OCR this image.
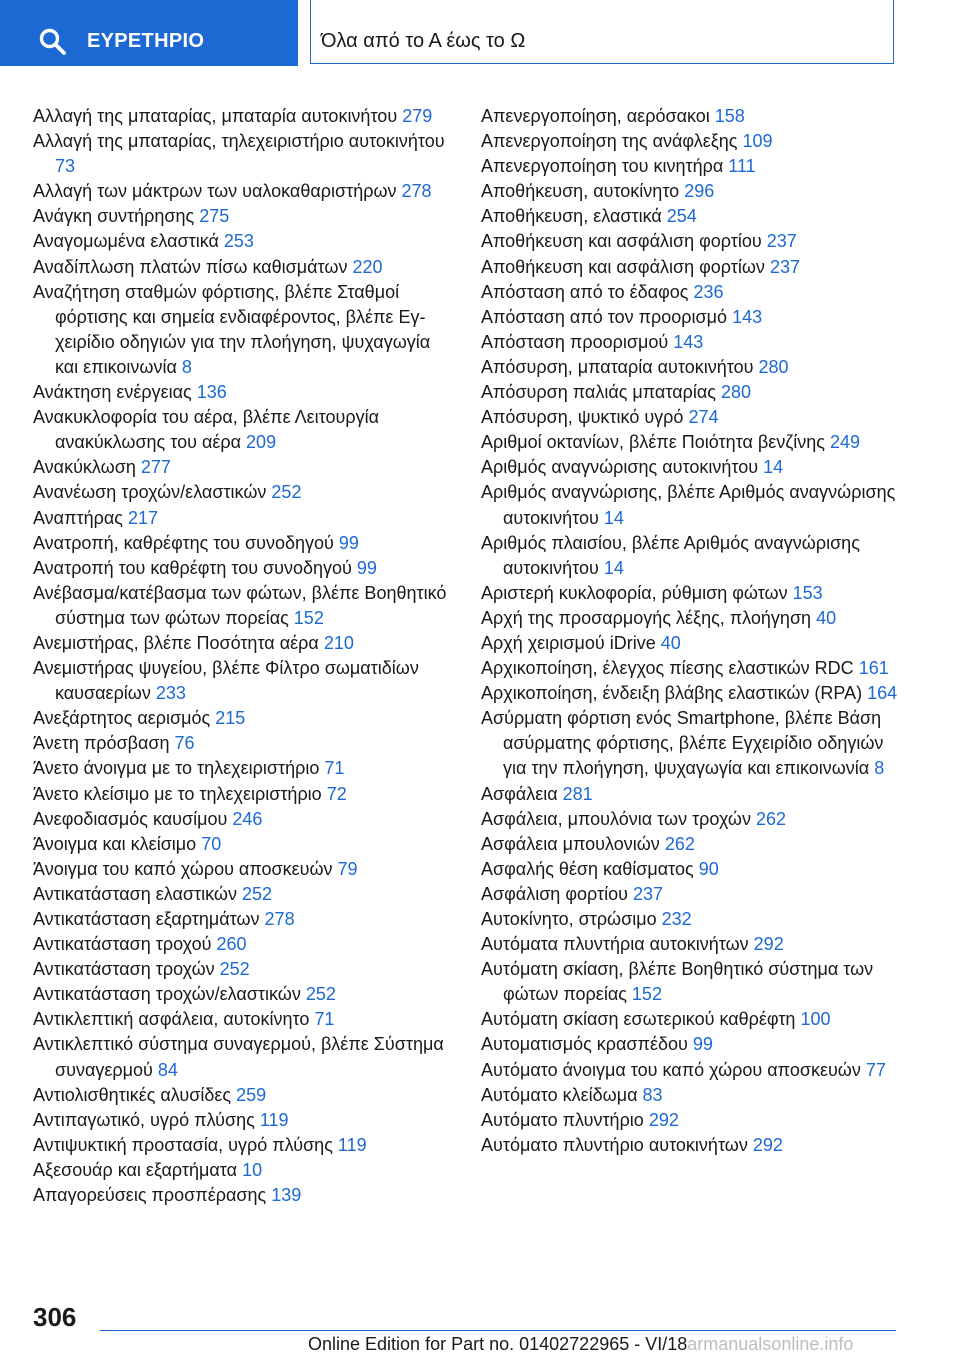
ΕΥΡΕΤΗΡΙΟ	Όλα από το Α έως το Ω
Αλλαγή της μπαταρίας, μπαταρία αυτοκινήτου 279
Αλλαγή της μπαταρίας, τηλεχειριστήριο αυτοκινήτου 73
Αλλαγή των μάκτρων των υαλοκαθαριστήρων 278
Ανάγκη συντήρησης 275
Αναγομωμένα ελαστικά 253
Αναδίπλωση πλατών πίσω καθισμάτων 220
Αναζήτηση σταθμών φόρτισης, βλέπε Σταθμοί φόρτισης και σημεία ενδιαφέροντος, βλέπε Εγχειρίδιο οδηγιών για την πλοήγηση, ψυχαγωγία και επικοινωνία 8
Ανάκτηση ενέργειας 136
Ανακυκλοφορία του αέρα, βλέπε Λειτουργία ανακύκλωσης του αέρα 209
Ανακύκλωση 277
Ανανέωση τροχών/ελαστικών 252
Αναπτήρας 217
Ανατροπή, καθρέφτης του συνοδηγού 99
Ανατροπή του καθρέφτη του συνοδηγού 99
Ανέβασμα/κατέβασμα των φώτων, βλέπε Βοηθητικό σύστημα των φώτων πορείας 152
Ανεμιστήρας, βλέπε Ποσότητα αέρα 210
Ανεμιστήρας ψυγείου, βλέπε Φίλτρο σωματιδίων καυσαερίων 233
Ανεξάρτητος αερισμός 215
Άνετη πρόσβαση 76
Άνετο άνοιγμα με το τηλεχειριστήριο 71
Άνετο κλείσιμο με το τηλεχειριστήριο 72
Ανεφοδιασμός καυσίμου 246
Άνοιγμα και κλείσιμο 70
Άνοιγμα του καπό χώρου αποσκευών 79
Αντικατάσταση ελαστικών 252
Αντικατάσταση εξαρτημάτων 278
Αντικατάσταση τροχού 260
Αντικατάσταση τροχών 252
Αντικατάσταση τροχών/ελαστικών 252
Αντικλεπτική ασφάλεια, αυτοκίνητο 71
Αντικλεπτικό σύστημα συναγερμού, βλέπε Σύστημα συναγερμού 84
Αντιολισθητικές αλυσίδες 259
Αντιπαγωτικό, υγρό πλύσης 119
Αντιψυκτική προστασία, υγρό πλύσης 119
Αξεσουάρ και εξαρτήματα 10
Απαγορεύσεις προσπέρασης 139
Απενεργοποίηση, αερόσακοι 158
Απενεργοποίηση της ανάφλεξης 109
Απενεργοποίηση του κινητήρα 111
Αποθήκευση, αυτοκίνητο 296
Αποθήκευση, ελαστικά 254
Αποθήκευση και ασφάλιση φορτίου 237
Αποθήκευση και ασφάλιση φορτίων 237
Απόσταση από το έδαφος 236
Απόσταση από τον προορισμό 143
Απόσταση προορισμού 143
Απόσυρση, μπαταρία αυτοκινήτου 280
Απόσυρση παλιάς μπαταρίας 280
Απόσυρση, ψυκτικό υγρό 274
Αριθμοί οκτανίων, βλέπε Ποιότητα βενζίνης 249
Αριθμός αναγνώρισης αυτοκινήτου 14
Αριθμός αναγνώρισης, βλέπε Αριθμός αναγνώρισης αυτοκινήτου 14
Αριθμός πλαισίου, βλέπε Αριθμός αναγνώρισης αυτοκινήτου 14
Αριστερή κυκλοφορία, ρύθμιση φώτων 153
Αρχή της προσαρμογής λέξης, πλοήγηση 40
Αρχή χειρισμού iDrive 40
Αρχικοποίηση, έλεγχος πίεσης ελαστικών RDC 161
Αρχικοποίηση, ένδειξη βλάβης ελαστικών (RPA) 164
Ασύρματη φόρτιση ενός Smartphone, βλέπε Βάση ασύρματης φόρτισης, βλέπε Εγχειρίδιο οδηγιών για την πλοήγηση, ψυχαγωγία και επικοινωνία 8
Ασφάλεια 281
Ασφάλεια, μπουλόνια των τροχών 262
Ασφάλεια μπουλονιών 262
Ασφαλής θέση καθίσματος 90
Ασφάλιση φορτίου 237
Αυτοκίνητο, στρώσιμο 232
Αυτόματα πλυντήρια αυτοκινήτων 292
Αυτόματη σκίαση, βλέπε Βοηθητικό σύστημα των φώτων πορείας 152
Αυτόματη σκίαση εσωτερικού καθρέφτη 100
Αυτοματισμός κρασπέδου 99
Αυτόματο άνοιγμα του καπό χώρου αποσκευών 77
Αυτόματο κλείδωμα 83
Αυτόματο πλυντήριο 292
Αυτόματο πλυντήριο αυτοκινήτων 292
306
Online Edition for Part no. 01402722965 - VI/18armanualsonline.info
